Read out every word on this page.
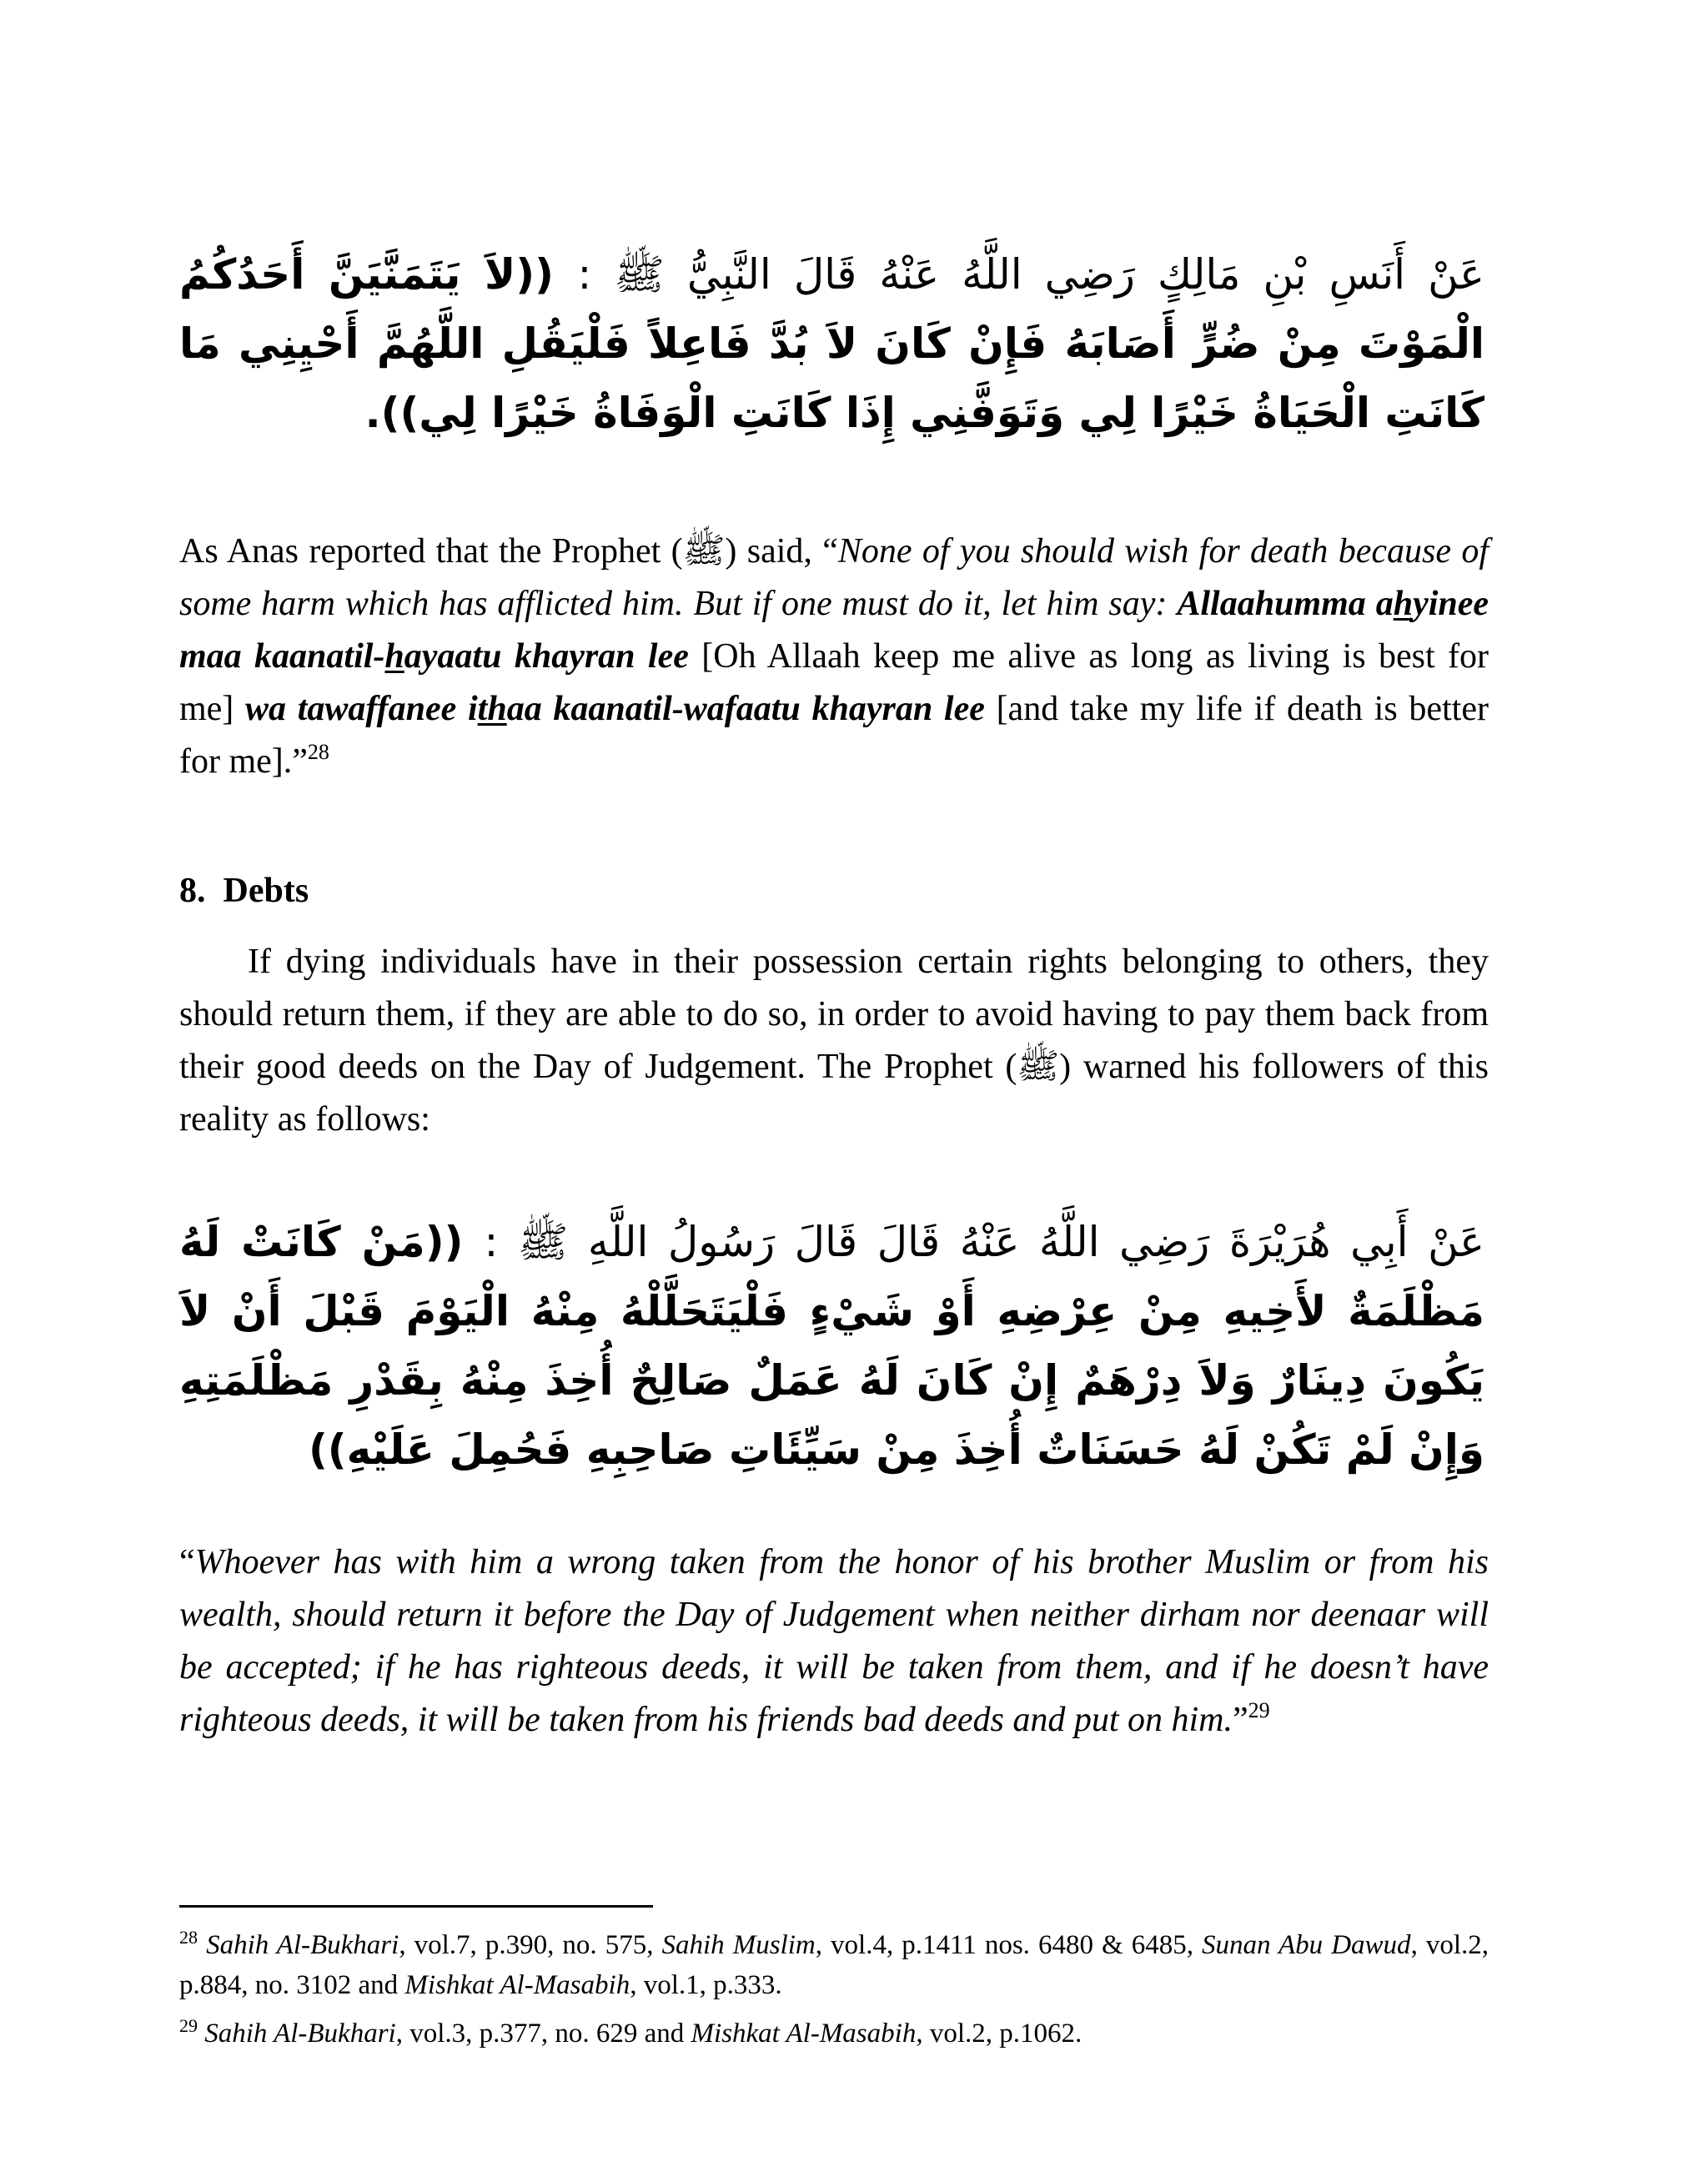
عَنْ أَنَسِ بْنِ مَالِكٍ رَضِي اللَّهُ عَنْهُ قَالَ النَّبِيُّ ﷺ : ((لاَ يَتَمَنَّيَنَّ أَحَدُكُمُ الْمَوْتَ مِنْ ضُرٍّ أَصَابَهُ فَإِنْ كَانَ لاَ بُدَّ فَاعِلاً فَلْيَقُلِ اللَّهُمَّ أَحْيِنِي مَا كَانَتِ الْحَيَاةُ خَيْرًا لِي وَتَوَفَّنِي إِذَا كَانَتِ الْوَفَاةُ خَيْرًا لِي)).
As Anas reported that the Prophet (ﷺ) said, “None of you should wish for death because of some harm which has afflicted him. But if one must do it, let him say: Allaahumma ahyinee maa kaanatil-hayaatu khayran lee [Oh Allaah keep me alive as long as living is best for me] wa tawaffanee ithaa kaanatil-wafaatu khayran lee [and take my life if death is better for me].”$^{28}$
8. Debts
If dying individuals have in their possession certain rights belonging to others, they should return them, if they are able to do so, in order to avoid having to pay them back from their good deeds on the Day of Judgement. The Prophet (ﷺ) warned his followers of this reality as follows:
عَنْ أَبِي هُرَيْرَةَ رَضِي اللَّهُ عَنْهُ قَالَ قَالَ رَسُولُ اللَّهِ ﷺ : ((مَنْ كَانَتْ لَهُ مَظْلَمَةٌ لأَخِيهِ مِنْ عِرْضِهِ أَوْ شَيْءٍ فَلْيَتَحَلَّلْهُ مِنْهُ الْيَوْمَ قَبْلَ أَنْ لاَ يَكُونَ دِينَارٌ وَلاَ دِرْهَمٌ إِنْ كَانَ لَهُ عَمَلٌ صَالِحٌ أُخِذَ مِنْهُ بِقَدْرِ مَظْلَمَتِهِ وَإِنْ لَمْ تَكُنْ لَهُ حَسَنَاتٌ أُخِذَ مِنْ سَيِّئَاتِ صَاحِبِهِ فَحُمِلَ عَلَيْهِ))
“Whoever has with him a wrong taken from the honor of his brother Muslim or from his wealth, should return it before the Day of Judgement when neither dirham nor deenaar will be accepted; if he has righteous deeds, it will be taken from them, and if he doesn’t have righteous deeds, it will be taken from his friends bad deeds and put on him.”$^{29}$
$^{28}$ Sahih Al-Bukhari, vol.7, p.390, no. 575, Sahih Muslim, vol.4, p.1411 nos. 6480 & 6485, Sunan Abu Dawud, vol.2, p.884, no. 3102 and Mishkat Al-Masabih, vol.1, p.333.
$^{29}$ Sahih Al-Bukhari, vol.3, p.377, no. 629 and Mishkat Al-Masabih, vol.2, p.1062.
